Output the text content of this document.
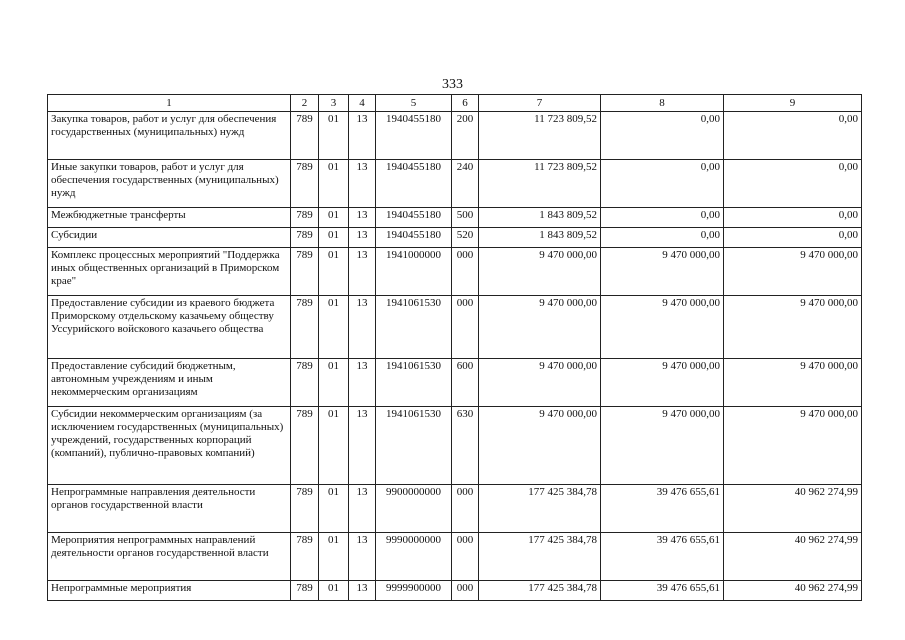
333
1	2	3	4	5	6	7	8	9
Закупка товаров, работ и услуг для обеспечения государственных (муниципальных) нужд	789	01	13	1940455180	200	11 723 809,52	0,00	0,00
Иные закупки товаров, работ и услуг для обеспечения государственных (муниципальных) нужд	789	01	13	1940455180	240	11 723 809,52	0,00	0,00
Межбюджетные трансферты	789	01	13	1940455180	500	1 843 809,52	0,00	0,00
Субсидии	789	01	13	1940455180	520	1 843 809,52	0,00	0,00
Комплекс процессных мероприятий "Поддержка иных общественных организаций в Приморском крае"	789	01	13	1941000000	000	9 470 000,00	9 470 000,00	9 470 000,00
Предоставление субсидии из краевого бюджета Приморскому отдельскому казачьему обществу Уссурийского войскового казачьего общества	789	01	13	1941061530	000	9 470 000,00	9 470 000,00	9 470 000,00
Предоставление субсидий бюджетным, автономным учреждениям и иным некоммерческим организациям	789	01	13	1941061530	600	9 470 000,00	9 470 000,00	9 470 000,00
Субсидии некоммерческим организациям (за исключением государственных (муниципальных) учреждений, государственных корпораций (компаний), публично-правовых компаний)	789	01	13	1941061530	630	9 470 000,00	9 470 000,00	9 470 000,00
Непрограммные направления деятельности органов государственной власти	789	01	13	9900000000	000	177 425 384,78	39 476 655,61	40 962 274,99
Мероприятия непрограммных направлений деятельности органов государственной власти	789	01	13	9990000000	000	177 425 384,78	39 476 655,61	40 962 274,99
Непрограммные мероприятия	789	01	13	9999900000	000	177 425 384,78	39 476 655,61	40 962 274,99
